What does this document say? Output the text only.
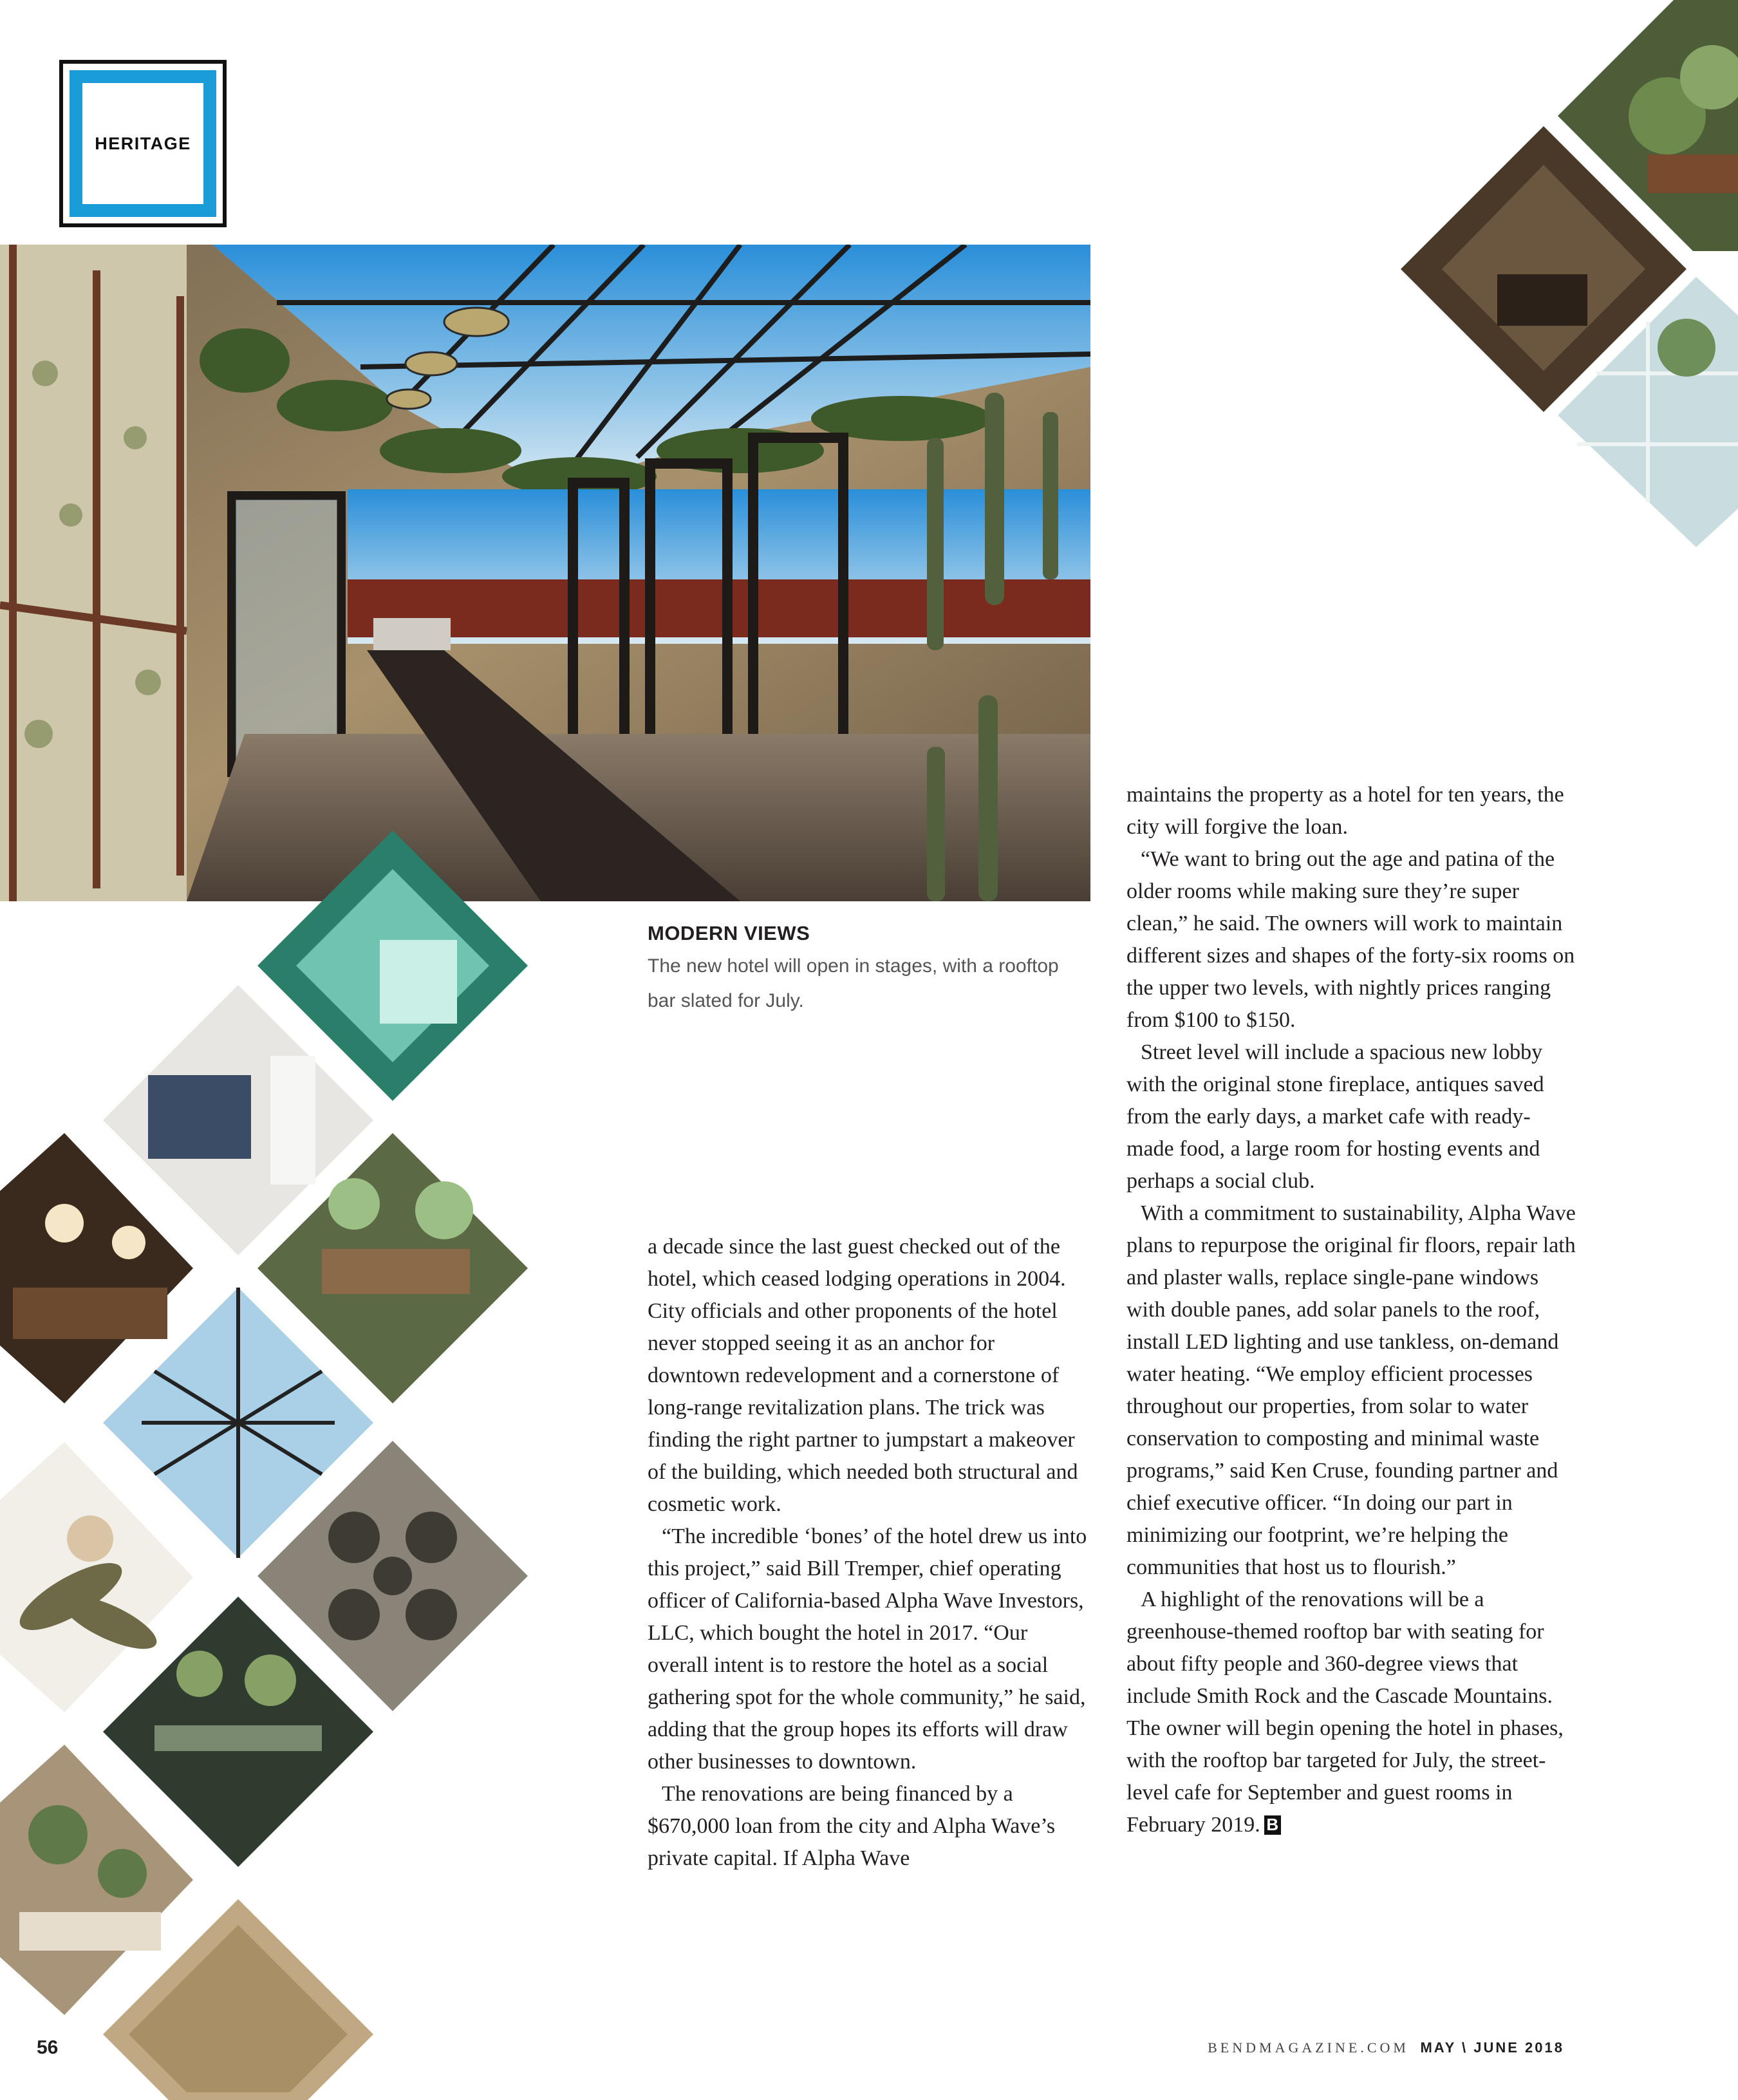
HERITAGE
MODERN VIEWS
The new hotel will open in stages, with a rooftop bar slated for July.

a decade since the last guest checked out of the hotel, which ceased lodging operations in 2004. City officials and other proponents of the hotel never stopped seeing it as an anchor for downtown redevelopment and a cornerstone of long-range revitalization plans. The trick was finding the right partner to jumpstart a makeover of the building, which needed both structural and cosmetic work.

“The incredible ‘bones’ of the hotel drew us into this project,” said Bill Tremper, chief operating officer of California-based Alpha Wave Investors, LLC, which bought the hotel in 2017. “Our overall intent is to restore the hotel as a social gathering spot for the whole community,” he said, adding that the group hopes its efforts will draw other businesses to downtown.

The renovations are being financed by a $670,000 loan from the city and Alpha Wave’s private capital. If Alpha Wave

maintains the property as a hotel for ten years, the city will forgive the loan.

“We want to bring out the age and patina of the older rooms while making sure they’re super clean,” he said. The owners will work to maintain different sizes and shapes of the forty-six rooms on the upper two levels, with nightly prices ranging from $100 to $150.

Street level will include a spacious new lobby with the original stone fireplace, antiques saved from the early days, a market cafe with ready-made food, a large room for hosting events and perhaps a social club.

With a commitment to sustainability, Alpha Wave plans to repurpose the original fir floors, repair lath and plaster walls, replace single-pane windows with double panes, add solar panels to the roof, install LED lighting and use tankless, on-demand water heating. “We employ efficient processes throughout our properties, from solar to water conservation to composting and minimal waste programs,” said Ken Cruse, founding partner and chief executive officer. “In doing our part in minimizing our footprint, we’re helping the communities that host us to flourish.”

A highlight of the renovations will be a greenhouse-themed rooftop bar with seating for about fifty people and 360-degree views that include Smith Rock and the Cascade Mountains. The owner will begin opening the hotel in phases, with the rooftop bar targeted for July, the street-level cafe for September and guest rooms in February 2019. B

56	BENDMAGAZINE.COM MAY \ JUNE 2018
